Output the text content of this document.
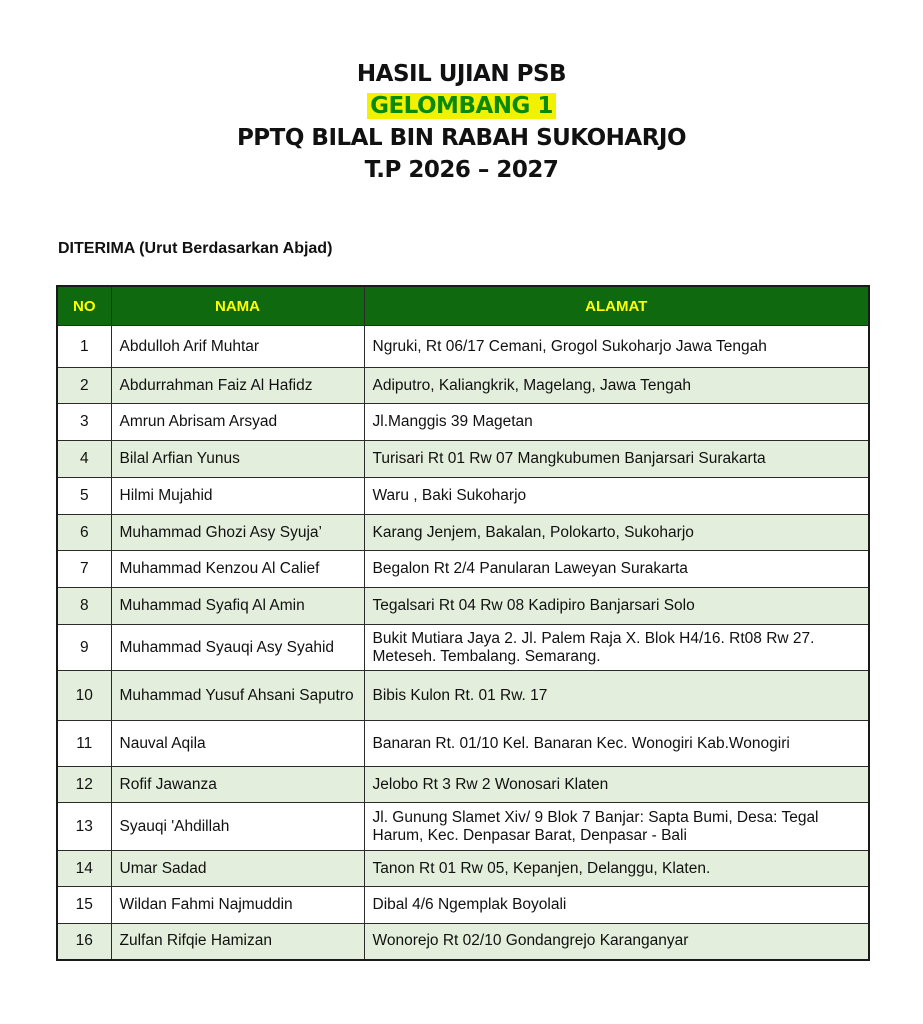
HASIL UJIAN PSB
GELOMBANG 1
PPTQ BILAL BIN RABAH SUKOHARJO
T.P 2026 – 2027
DITERIMA (Urut Berdasarkan Abjad)
NO	NAMA	ALAMAT
1	Abdulloh Arif Muhtar	Ngruki, Rt 06/17 Cemani, Grogol Sukoharjo Jawa Tengah
2	Abdurrahman Faiz Al Hafidz	Adiputro, Kaliangkrik, Magelang, Jawa Tengah
3	Amrun Abrisam Arsyad	Jl.Manggis 39 Magetan
4	Bilal Arfian Yunus	Turisari Rt 01 Rw 07 Mangkubumen Banjarsari Surakarta
5	Hilmi Mujahid	Waru , Baki Sukoharjo
6	Muhammad Ghozi Asy Syuja’	Karang Jenjem, Bakalan, Polokarto, Sukoharjo
7	Muhammad Kenzou Al Calief	Begalon Rt 2/4 Panularan Laweyan Surakarta
8	Muhammad Syafiq Al Amin	Tegalsari Rt 04 Rw 08 Kadipiro Banjarsari Solo
9	Muhammad Syauqi Asy Syahid	Bukit Mutiara Jaya 2. Jl. Palem Raja X. Blok H4/16. Rt08 Rw 27. Meteseh. Tembalang. Semarang.
10	Muhammad Yusuf Ahsani Saputro	Bibis Kulon Rt. 01 Rw. 17
11	Nauval Aqila	Banaran Rt. 01/10 Kel. Banaran Kec. Wonogiri Kab.Wonogiri
12	Rofif Jawanza	Jelobo Rt 3 Rw 2 Wonosari Klaten
13	Syauqi 'Ahdillah	Jl. Gunung Slamet Xiv/ 9 Blok 7 Banjar: Sapta Bumi, Desa: Tegal Harum, Kec. Denpasar Barat, Denpasar - Bali
14	Umar Sadad	Tanon Rt 01 Rw 05, Kepanjen, Delanggu, Klaten.
15	Wildan Fahmi Najmuddin	Dibal 4/6 Ngemplak Boyolali
16	Zulfan Rifqie Hamizan	Wonorejo Rt 02/10 Gondangrejo Karanganyar
